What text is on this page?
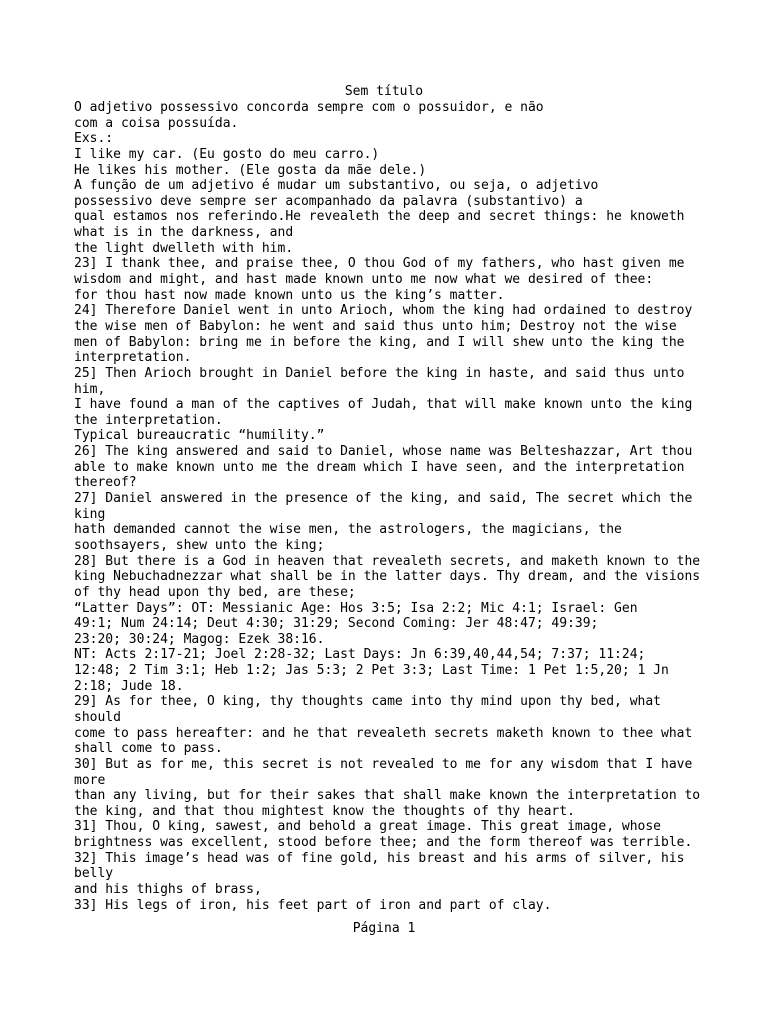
Sem título
O adjetivo possessivo concorda sempre com o possuidor, e não
com a coisa possuída.
Exs.:
I like my car. (Eu gosto do meu carro.)
He likes his mother. (Ele gosta da mãe dele.)
A função de um adjetivo é mudar um substantivo, ou seja, o adjetivo
possessivo deve sempre ser acompanhado da palavra (substantivo) a
qual estamos nos referindo.He revealeth the deep and secret things: he knoweth
what is in the darkness, and
the light dwelleth with him.
23] I thank thee, and praise thee, O thou God of my fathers, who hast given me
wisdom and might, and hast made known unto me now what we desired of thee:
for thou hast now made known unto us the king’s matter.
24] Therefore Daniel went in unto Arioch, whom the king had ordained to destroy
the wise men of Babylon: he went and said thus unto him; Destroy not the wise
men of Babylon: bring me in before the king, and I will shew unto the king the
interpretation.
25] Then Arioch brought in Daniel before the king in haste, and said thus unto
him,
I have found a man of the captives of Judah, that will make known unto the king
the interpretation.
Typical bureaucratic “humility.”
26] The king answered and said to Daniel, whose name was Belteshazzar, Art thou
able to make known unto me the dream which I have seen, and the interpretation
thereof?
27] Daniel answered in the presence of the king, and said, The secret which the
king
hath demanded cannot the wise men, the astrologers, the magicians, the
soothsayers, shew unto the king;
28] But there is a God in heaven that revealeth secrets, and maketh known to the
king Nebuchadnezzar what shall be in the latter days. Thy dream, and the visions
of thy head upon thy bed, are these;
“Latter Days”: OT: Messianic Age: Hos 3:5; Isa 2:2; Mic 4:1; Israel: Gen
49:1; Num 24:14; Deut 4:30; 31:29; Second Coming: Jer 48:47; 49:39;
23:20; 30:24; Magog: Ezek 38:16.
NT: Acts 2:17-21; Joel 2:28-32; Last Days: Jn 6:39,40,44,54; 7:37; 11:24;
12:48; 2 Tim 3:1; Heb 1:2; Jas 5:3; 2 Pet 3:3; Last Time: 1 Pet 1:5,20; 1 Jn
2:18; Jude 18.
29] As for thee, O king, thy thoughts came into thy mind upon thy bed, what
should
come to pass hereafter: and he that revealeth secrets maketh known to thee what
shall come to pass.
30] But as for me, this secret is not revealed to me for any wisdom that I have
more
than any living, but for their sakes that shall make known the interpretation to
the king, and that thou mightest know the thoughts of thy heart.
31] Thou, O king, sawest, and behold a great image. This great image, whose
brightness was excellent, stood before thee; and the form thereof was terrible.
32] This image’s head was of fine gold, his breast and his arms of silver, his
belly
and his thighs of brass,
33] His legs of iron, his feet part of iron and part of clay.
Página 1
